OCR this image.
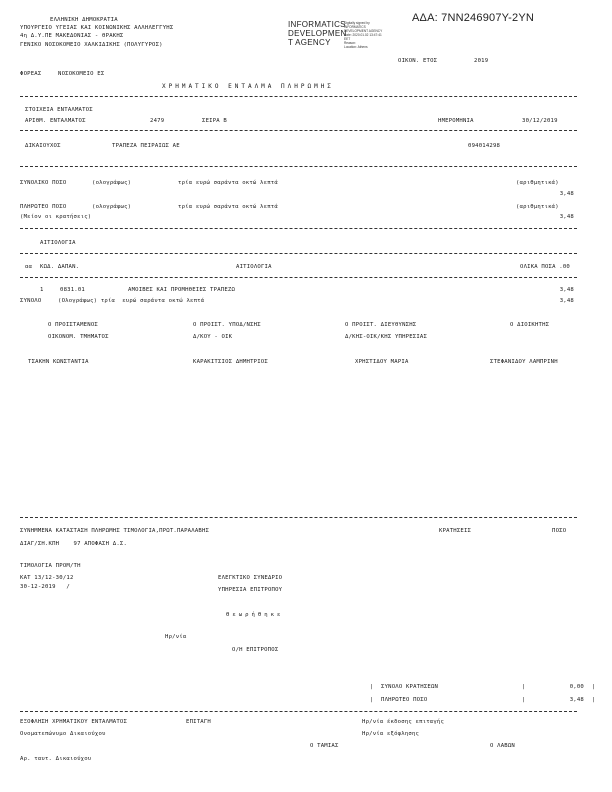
ΑΔΑ: 7ΝΝ246907Υ-2ΥΝ
INFORMATICS
DEVELOPMEN
T AGENCY
Digitally signed by
INFORMATICS
DEVELOPMENT AGENCY
Date: 2020.01.02 13:47:41
EET
Reason:
Location: Athens
ΕΛΛΗΝΙΚΗ ΔΗΜΟΚΡΑΤΙΑ
ΥΠΟΥΡΓΕΙΟ ΥΓΕΙΑΣ ΚΑΙ ΚΟΙΝΩΝΙΚΗΣ ΑΛΛΗΛΕΓΓΥΗΣ
4η Δ.Υ.ΠΕ ΜΑΚΕΔΟΝΙΑΣ - ΘΡΑΚΗΣ
ΓΕΝΙΚΟ ΝΟΣΟΚΟΜΕΙΟ ΧΑΛΚΙΔΙΚΗΣ (ΠΟΛΥΓΥΡΟΣ)
ΟΙΚΟΝ. ΕΤΟΣ	2019
ΦΟΡΕΑΣ	ΝΟΣΟΚΟΜΕΙΟ ΕΣ
ΧΡΗΜΑΤΙΚΟ ΕΝΤΑΛΜΑ ΠΛΗΡΩΜΗΣ
ΣΤΟΙΧΕΙΑ ΕΝΤΑΛΜΑΤΟΣ
ΑΡΙΘΜ. ΕΝΤΑΛΜΑΤΟΣ	2479	ΣΕΙΡΑ Β	ΗΜΕΡΟΜΗΝΙΑ	30/12/2019
ΔΙΚΑΙΟΥΧΟΣ	ΤΡΑΠΕΖΑ ΠΕΙΡΑΙΩΣ ΑΕ	094014298
ΣΥΝΟΛΙΚΟ ΠΟΣΟ	(ολογράφως)	τρία ευρώ σαράντα οκτώ λεπτά	(αριθμητικά)
3,48
ΠΛΗΡΩΤΕΟ ΠΟΣΟ	(ολογράφως)	τρία ευρώ σαράντα οκτώ λεπτά	(αριθμητικά)
(Μείον οι κρατήσεις)	3,48
ΑΙΤΙΟΛΟΓΙΑ
αα ΚΩΔ. ΔΑΠΑΝ.	ΑΙΤΙΟΛΟΓΙΑ	ΟΛΙΚΑ ΠΟΣΑ .00
1	0831.01	ΑΜΟΙΒΕΣ ΚΑΙ ΠΡΟΜΗΘΕΙΕΣ ΤΡΑΠΕΖΩ	3,48
ΣΥΝΟΛΟ	(Ολογράφως) τρία  ευρώ σαράντα οκτώ λεπτά	3,48
Ο ΠΡΟΙΣΤΑΜΕΝΟΣ	Ο ΠΡΟΙΣΤ. ΥΠΟΔ/ΝΣΗΣ	Ο ΠΡΟΙΣΤ. ΔΙΕΥΘΥΝΣΗΣ	Ο ΔΙΟΙΚΗΤΗΣ
ΟΙΚΟΝΟΜ. ΤΜΗΜΑΤΟΣ	Δ/ΚΟΥ - ΟΙΚ	Δ/ΚΗΣ-ΟΙΚ/ΚΗΣ ΥΠΗΡΕΣΙΑΣ
ΤΣΑΚΗΝ ΚΩΝΣΤΑΝΤΙΑ	ΚΑΡΑΚΙΤΣΙΟΣ ΔΗΜΗΤΡΙΟΣ	ΧΡΗΣΤΙΔΟΥ ΜΑΡΙΑ	ΣΤΕΦΑΝΙΔΟΥ ΛΑΜΠΡΙΝΗ
ΣΥΝΗΜΜΕΝΑ ΚΑΤΑΣΤΑΣΗ ΠΛΗΡΩΜΗΣ ΤΙΜΟΛΟΓΙΑ,ΠΡΩΤ.ΠΑΡΑΛΑΒΗΣ	ΚΡΑΤΗΣΕΙΣ	ΠΟΣΟ
ΔΙΑΓ/ΣΗ.ΚΠΗ    97 ΑΠΟΦΑΣΗ Δ.Σ.
ΤΙΜΟΛΟΓΙΑ ΠΡΟΜ/ΤΗ
ΚΑΤ 13/12-30/12
30-12-2019   /
ΕΛΕΓΚΤΙΚΟ ΣΥΝΕΔΡΙΟ
ΥΠΗΡΕΣΙΑ ΕΠΙΤΡΟΠΟΥ
Θεωρήθηκε
Ηρ/νία
Ο/Η ΕΠΙΤΡΟΠΟΣ
| ΣΥΝΟΛΟ ΚΡΑΤΗΣΕΩΝ	|	0,00 |
| ΠΛΗΡΩΤΕΟ ΠΟΣΟ	|	3,48 |
ΕΞΟΦΛΗΣΗ ΧΡΗΜΑΤΙΚΟΥ ΕΝΤΑΛΜΑΤΟΣ	ΕΠΙΤΑΓΗ	Ηρ/νία έκδοσης επιταγής
Ονοματεπώνυμο Δικαιούχου	Ηρ/νία εξόφλησης
Ο ΤΑΜΙΑΣ	Ο ΛΑΒΩΝ
Αρ. ταυτ. Δικαιούχου
